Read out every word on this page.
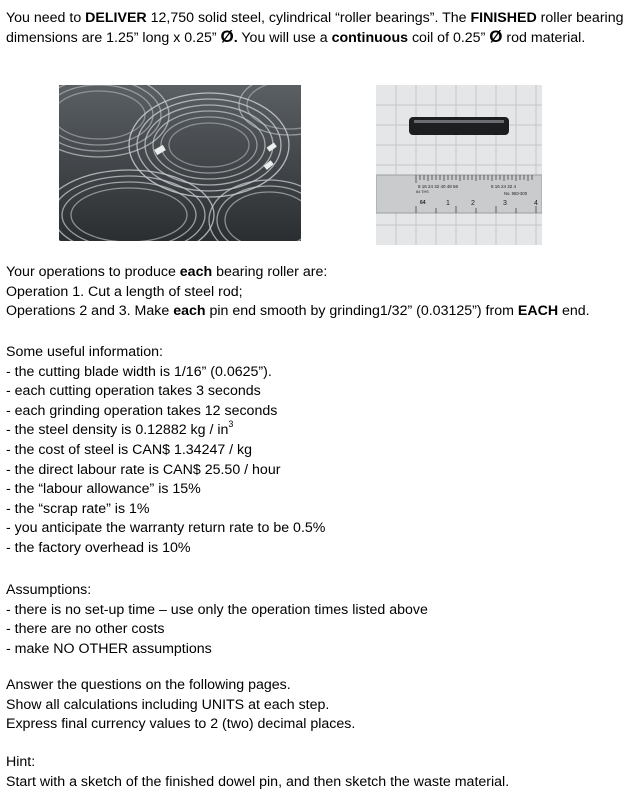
You need to DELIVER 12,750 solid steel, cylindrical “roller bearings”. The FINISHED roller bearing dimensions are 1.25” long x 0.25” Ø. You will use a continuous coil of 0.25” Ø rod material.
8 16 24 32 40 48 56	8 16 24 32 4
64 THS	No. 950-300
64	1	2	3	4
Your operations to produce each bearing roller are:
Operation 1. Cut a length of steel rod;
Operations 2 and 3. Make each pin end smooth by grinding1/32” (0.03125”) from EACH end.
Some useful information:
- the cutting blade width is 1/16” (0.0625”).
- each cutting operation takes 3 seconds
- each grinding operation takes 12 seconds
- the steel density is 0.12882 kg / $in^3$
- the cost of steel is CAN$ 1.34247 / kg
- the direct labour rate is CAN$ 25.50 / hour
- the “labour allowance” is 15%
- the “scrap rate” is 1%
- you anticipate the warranty return rate to be 0.5%
- the factory overhead is 10%
Assumptions:
- there is no set-up time – use only the operation times listed above
- there are no other costs
- make NO OTHER assumptions
Answer the questions on the following pages.
Show all calculations including UNITS at each step.
Express final currency values to 2 (two) decimal places.
Hint:
Start with a sketch of the finished dowel pin, and then sketch the waste material.
